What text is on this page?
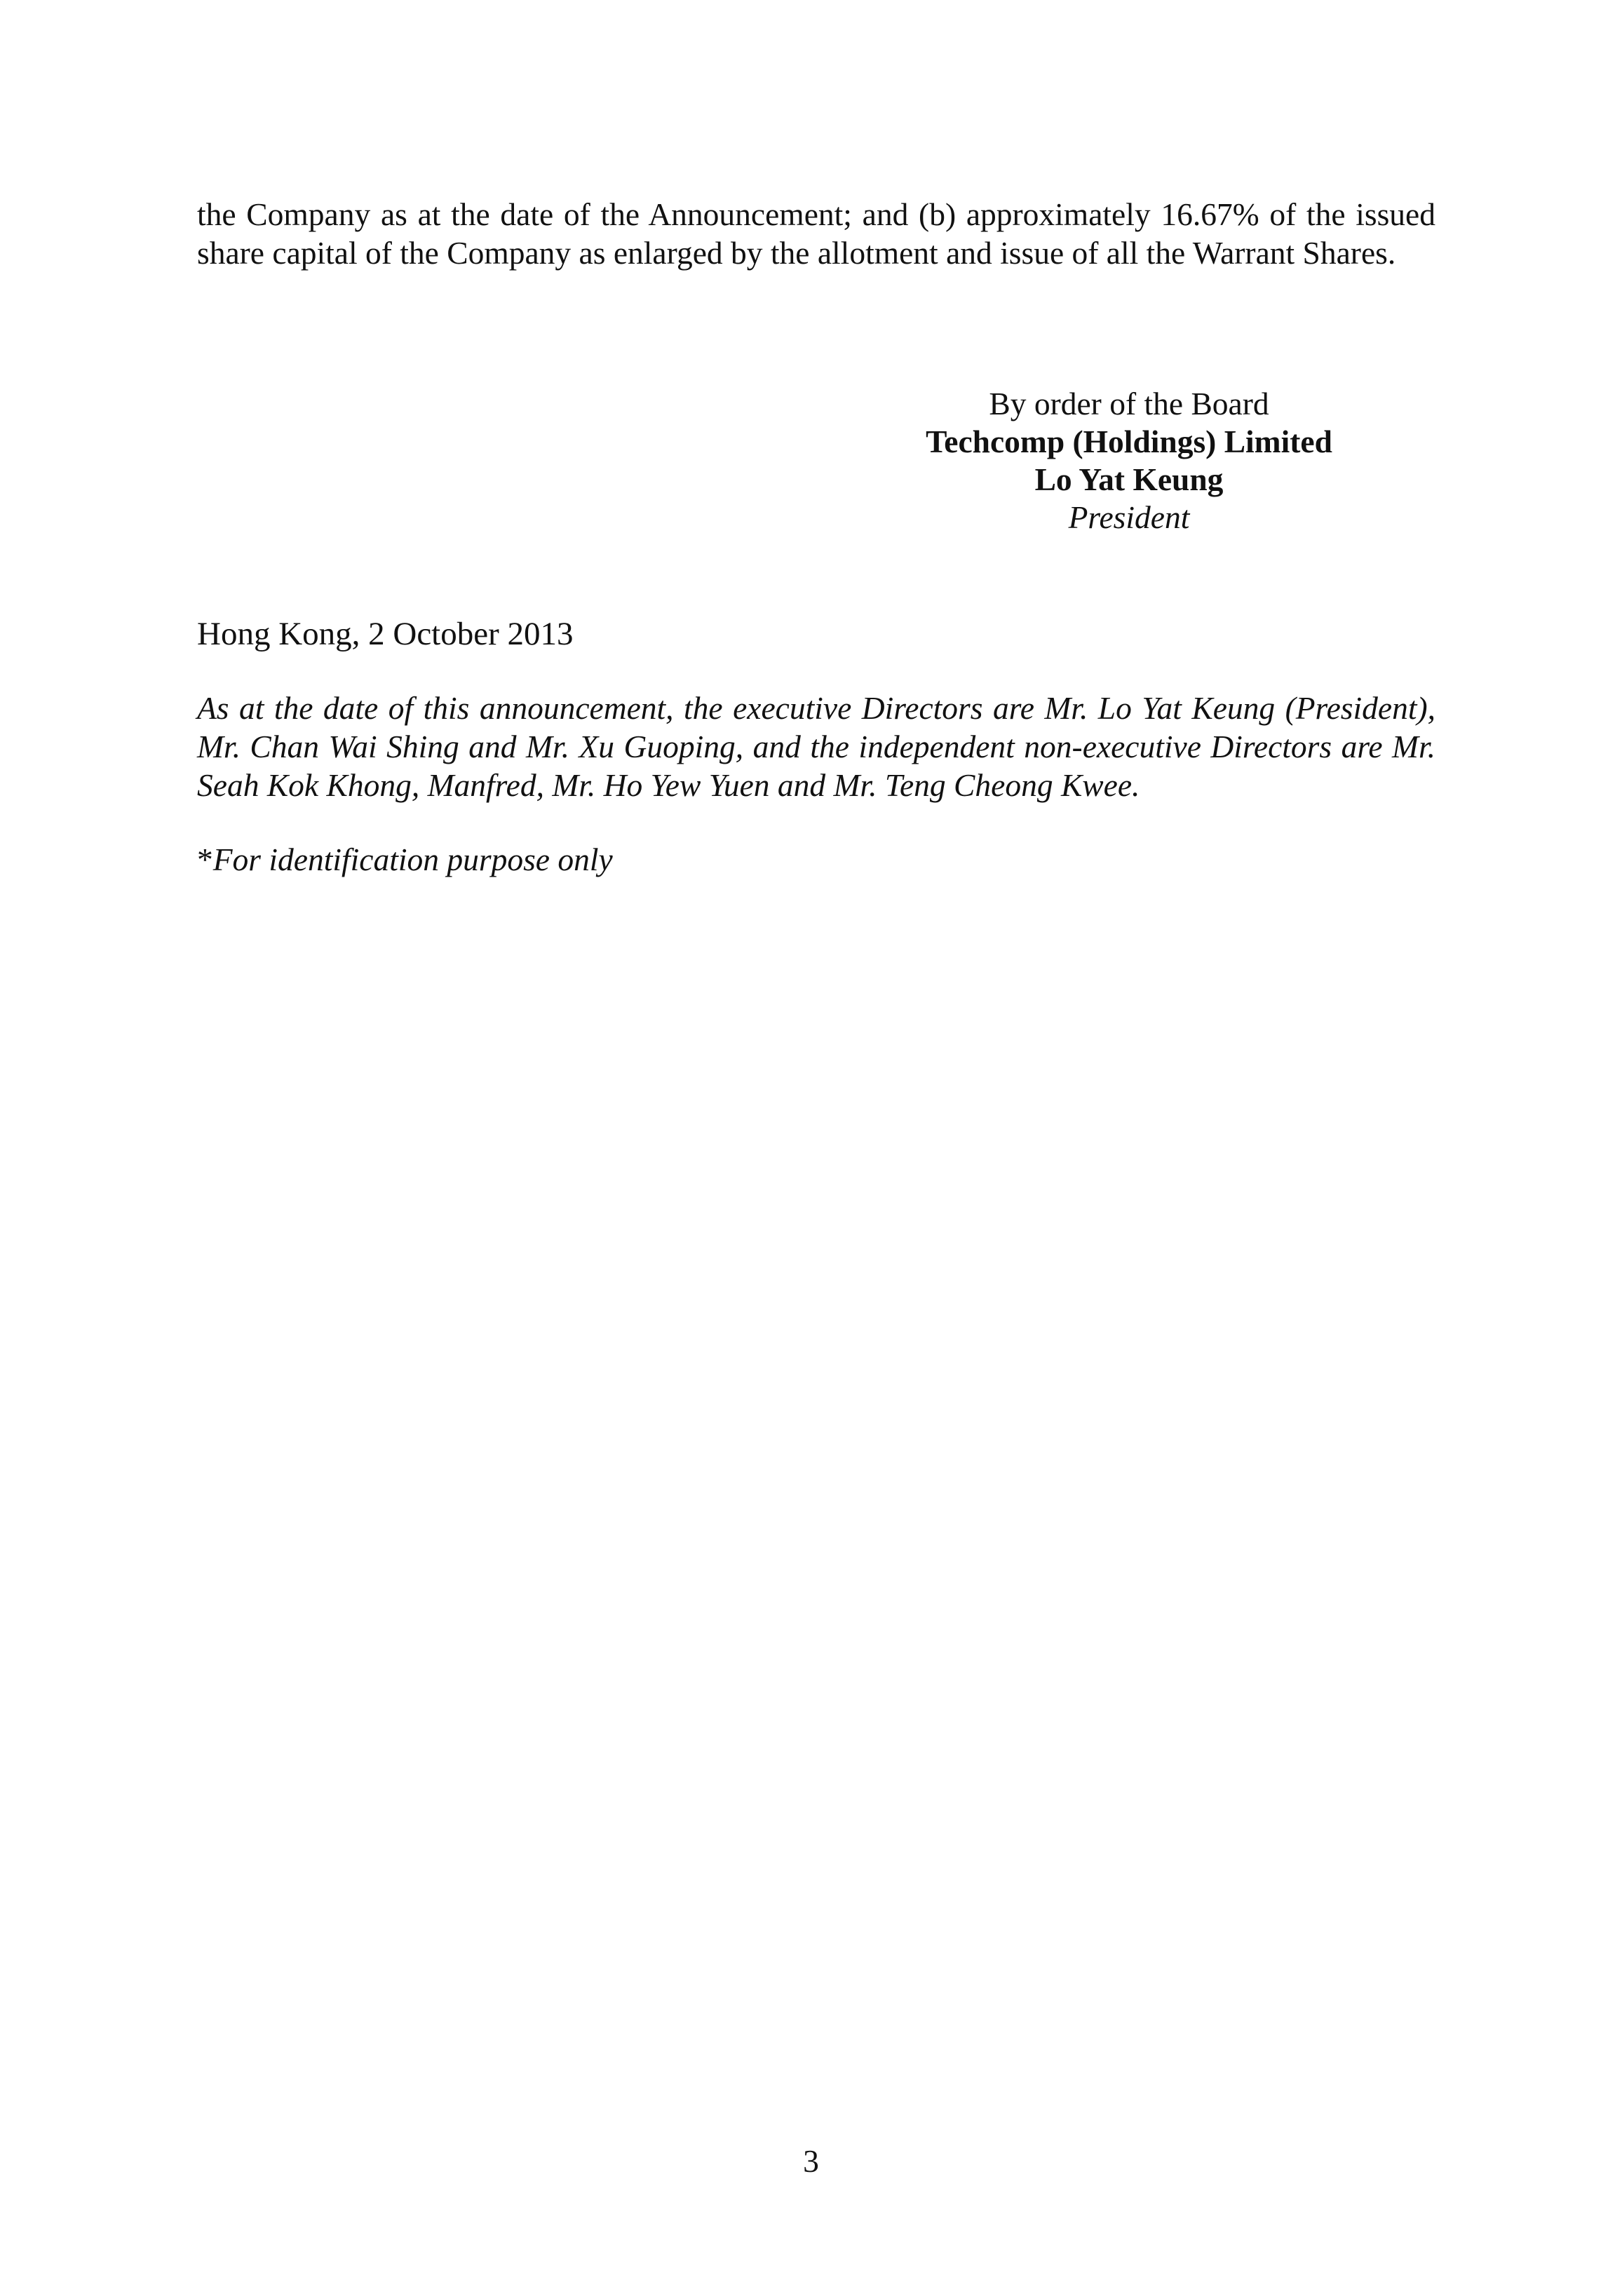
the Company as at the date of the Announcement; and (b) approximately 16.67% of the issued share capital of the Company as enlarged by the allotment and issue of all the Warrant Shares.

By order of the Board
Techcomp (Holdings) Limited
Lo Yat Keung
President
Hong Kong, 2 October 2013

As at the date of this announcement, the executive Directors are Mr. Lo Yat Keung (President), Mr. Chan Wai Shing and Mr. Xu Guoping, and the independent non-executive Directors are Mr. Seah Kok Khong, Manfred, Mr. Ho Yew Yuen and Mr. Teng Cheong Kwee.

*For identification purpose only
3
